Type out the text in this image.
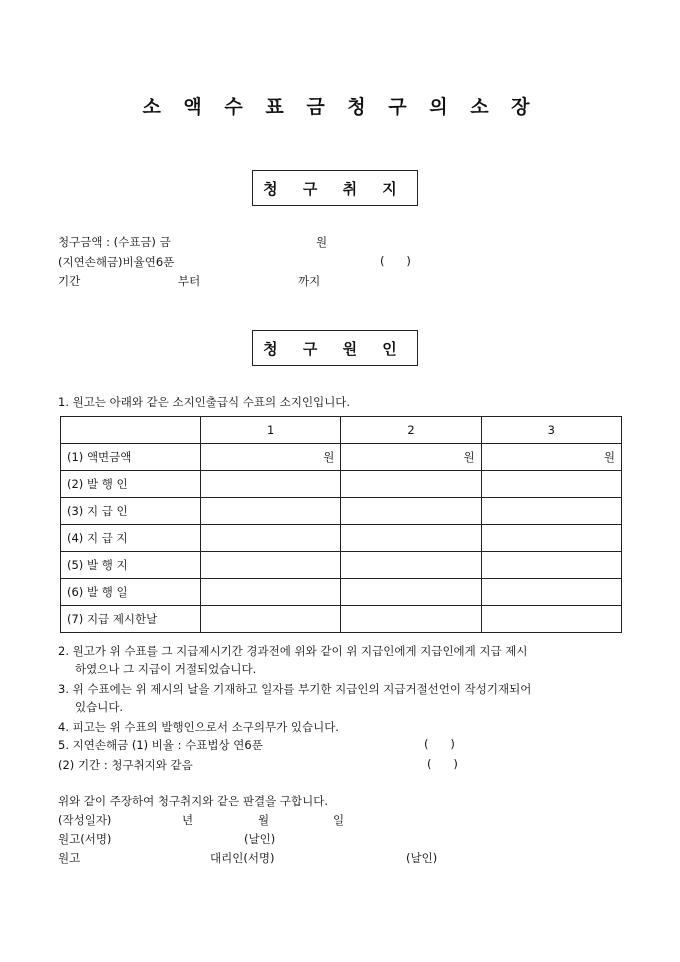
소 액 수 표 금 청 구 의 소 장
청 구 취 지
청구금액 : (수표금) 금	원
(지연손해금)비율연6푼	(      )
기간	부터	까지
청 구 원 인
1. 원고는 아래와 같은 소지인출급식 수표의 소지인입니다.
	1	2	3
(1) 액면금액	원	원	원
(2) 발 행 인			
(3) 지 급 인			
(4) 지 급 지			
(5) 발 행 지			
(6) 발 행 일			
(7) 지급 제시한날			
2. 원고가 위 수표를 그 지급제시기간 경과전에 위와 같이 위 지급인에게 지급인에게 지급 제시
하였으나 그 지급이 거절되었습니다.
3. 위 수표에는 위 제시의 날을 기재하고 일자를 부기한 지급인의 지급거절선언이 작성기재되어
있습니다.
4. 피고는 위 수표의 발행인으로서 소구의무가 있습니다.
5. 지연손해금 (1) 비율 : 수표법상 연6푼	(      )
(2) 기간 : 청구취지와 같음	(      )
위와 같이 주장하여 청구취지와 같은 판결을 구합니다.
(작성일자)	년	월	일
원고(서명)	(날인)
원고	대리인(서명)	(날인)
